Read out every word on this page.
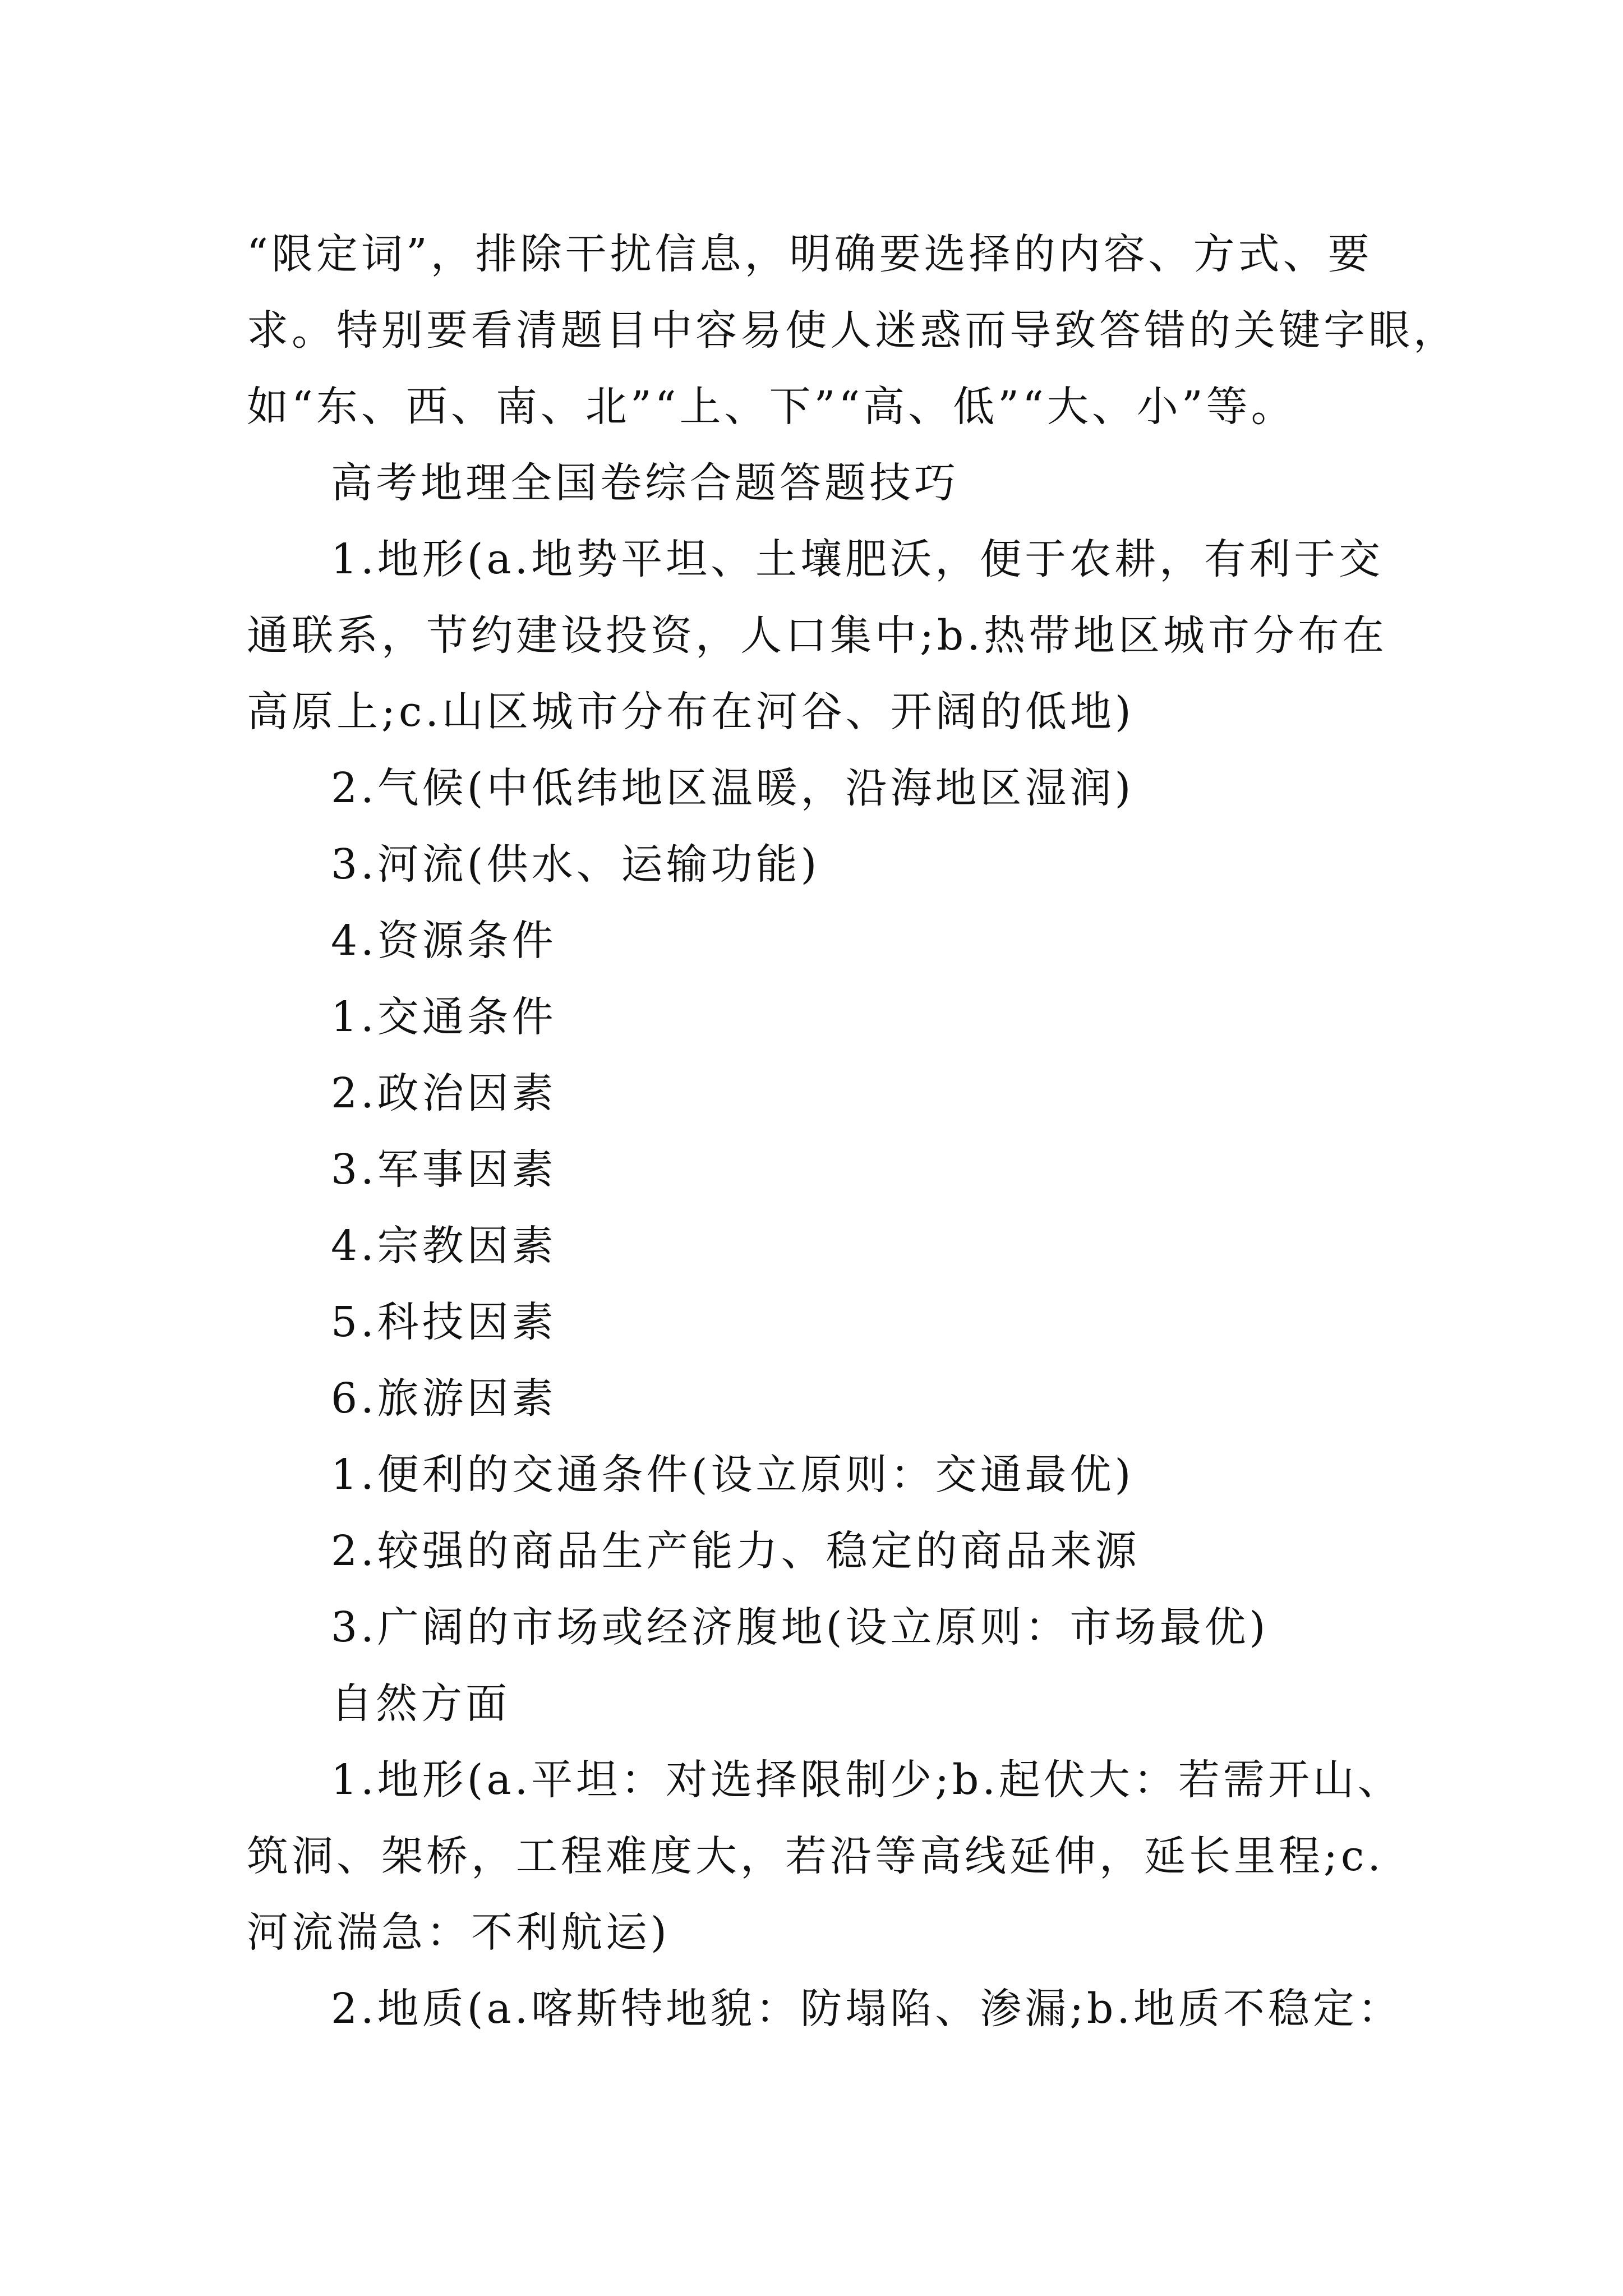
“限定词”，排除干扰信息，明确要选择的内容、方式、要

求。特别要看清题目中容易使人迷惑而导致答错的关键字眼，

如“东、西、南、北”“上、下”“高、低”“大、小”等。

高考地理全国卷综合题答题技巧

1.地形(a.地势平坦、土壤肥沃，便于农耕，有利于交

通联系，节约建设投资，人口集中;b.热带地区城市分布在

高原上;c.山区城市分布在河谷、开阔的低地)

2.气候(中低纬地区温暖，沿海地区湿润)

3.河流(供水、运输功能)

4.资源条件

1.交通条件

2.政治因素

3.军事因素

4.宗教因素

5.科技因素

6.旅游因素

1.便利的交通条件(设立原则：交通最优)

2.较强的商品生产能力、稳定的商品来源

3.广阔的市场或经济腹地(设立原则：市场最优)

自然方面

1.地形(a.平坦：对选择限制少;b.起伏大：若需开山、

筑洞、架桥，工程难度大，若沿等高线延伸，延长里程;c.

河流湍急：不利航运)

2.地质(a.喀斯特地貌：防塌陷、渗漏;b.地质不稳定：
